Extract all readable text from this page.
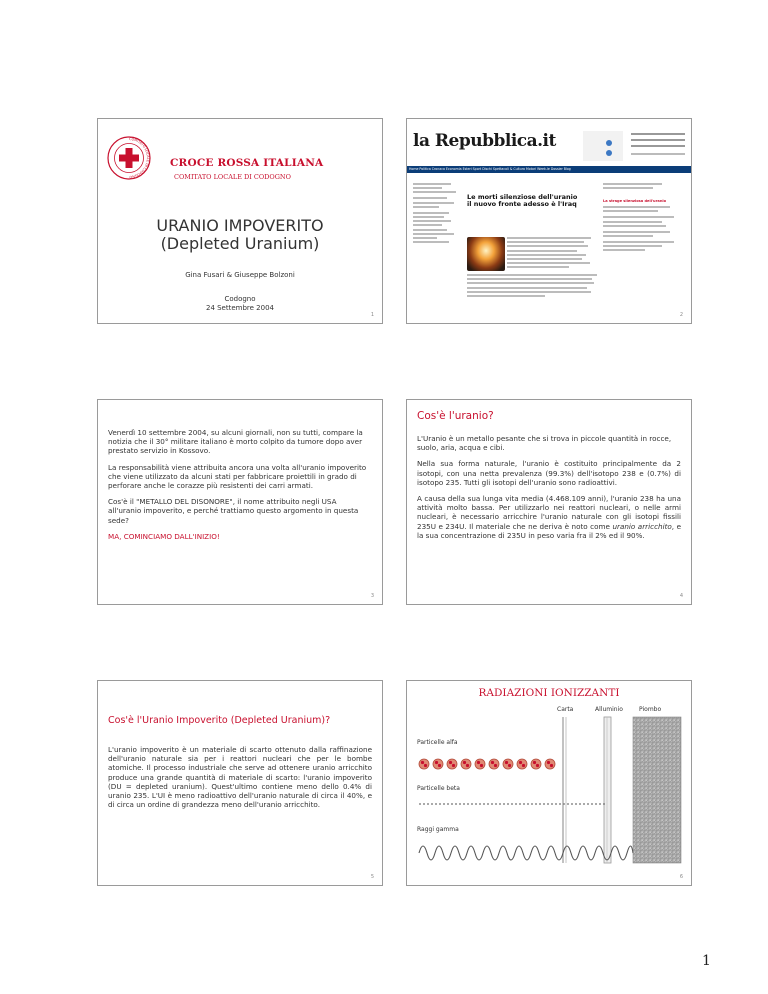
COMITATO LOCALE DI CODOGNO
CROCE ROSSA ITALIANA
COMITATO LOCALE DI CODOGNO
URANIO IMPOVERITO
(Depleted Uranium)
Gina Fusari & Giuseppe Bolzoni
Codogno
24 Settembre 2004
1
la Repubblica.it
Home Politica Cronaca Economia Esteri Sport Dischi Spettacoli & Cultura Motori Week-le Dossier Blog
Le morti silenziose dell'uranio
il nuovo fronte adesso è l'Iraq	La strage silenziosa dell'uranio
2

Venerdì 10 settembre 2004, su alcuni giornali, non su tutti, compare la notizia che il 30° militare italiano è morto colpito da tumore dopo aver prestato servizio in Kossovo.

La responsabilità viene attribuita ancora una volta all'uranio impoverito che viene utilizzato da alcuni stati per fabbricare proiettili in grado di perforare anche le corazze più resistenti dei carri armati.

Cos'è il "METALLO DEL DISONORE", il nome attribuito negli USA all'uranio impoverito, e perché trattiamo questo argomento in questa sede?

MA, COMINCIAMO DALL'INIZIO!

3
Cos'è l'uranio?

L'Uranio è un metallo pesante che si trova in piccole quantità in rocce, suolo, aria, acqua e cibi.

Nella sua forma naturale, l'uranio è costituito principalmente da 2 isotopi, con una netta prevalenza (99.3%) dell'isotopo 238 e (0.7%) di isotopo 235. Tutti gli isotopi dell'uranio sono radioattivi.

A causa della sua lunga vita media (4.468.109 anni), l'uranio 238 ha una attività molto bassa. Per utilizzarlo nei reattori nucleari, o nelle armi nucleari, è necessario arricchire l'uranio naturale con gli isotopi fissili 235U e 234U. Il materiale che ne deriva è noto come uranio arricchito, e la sua concentrazione di 235U in peso varia fra il 2% ed il 90%.

4
Cos'è l'Uranio Impoverito (Depleted Uranium)?

L'uranio impoverito è un materiale di scarto ottenuto dalla raffinazione dell'uranio naturale sia per i reattori nucleari che per le bombe atomiche. Il processo industriale che serve ad ottenere uranio arricchito produce una grande quantità di materiale di scarto: l'uranio impoverito (DU = depleted uranium). Quest'ultimo contiene meno dello 0.4% di uranio 235. L'UI è meno radioattivo dell'uranio naturale di circa il 40%, e di circa un ordine di grandezza meno dell'uranio arricchito.

5
RADIAZIONI IONIZZANTI
Carta	Alluminio	Piombo
Particelle alfa
Particelle beta
Raggi gamma
6
1
